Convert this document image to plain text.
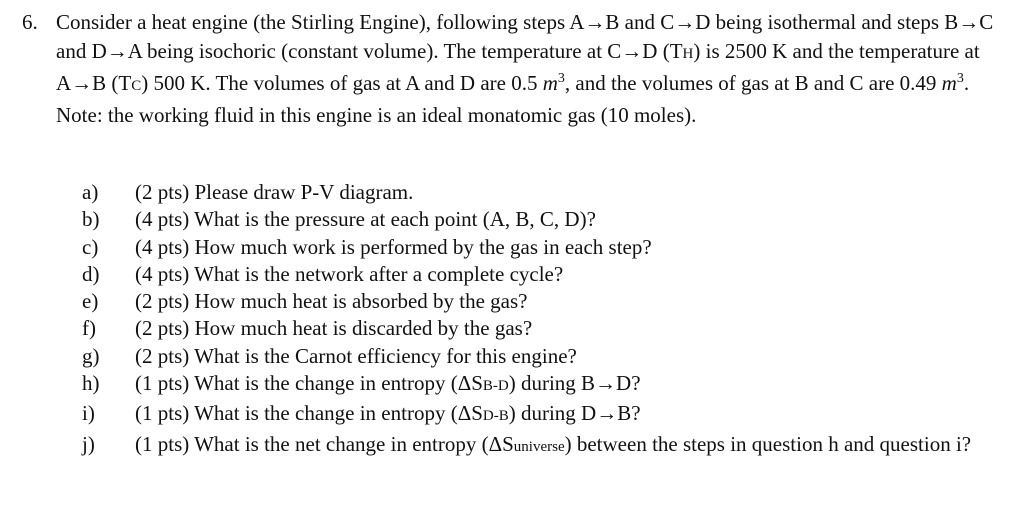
6. Consider a heat engine (the Stirling Engine), following steps A→B and C→D being isothermal and steps B→C and D→A being isochoric (constant volume). The temperature at C→D (TH) is 2500 K and the temperature at A→B (TC) 500 K. The volumes of gas at A and D are 0.5 $m^3$, and the volumes of gas at B and C are 0.49 $m^3$. Note: the working fluid in this engine is an ideal monatomic gas (10 moles).
a) (2 pts) Please draw P-V diagram.
b) (4 pts) What is the pressure at each point (A, B, C, D)?
c) (4 pts) How much work is performed by the gas in each step?
d) (4 pts) What is the network after a complete cycle?
e) (2 pts) How much heat is absorbed by the gas?
f) (2 pts) How much heat is discarded by the gas?
g) (2 pts) What is the Carnot efficiency for this engine?
h) (1 pts) What is the change in entropy (ΔSB-D) during B→D?
i) (1 pts) What is the change in entropy (ΔSD-B) during D→B?
j) (1 pts) What is the net change in entropy (ΔSuniverse) between the steps in question h and question i?
